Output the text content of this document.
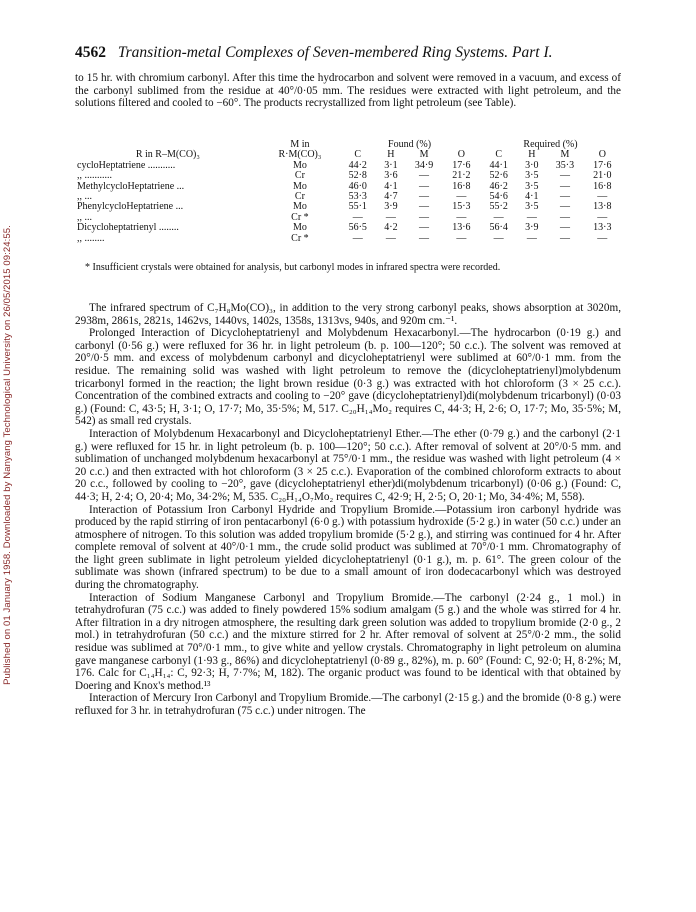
Published on 01 January 1958. Downloaded by Nanyang Technological University on 26/05/2015 09:24:55.
4562 Transition-metal Complexes of Seven-membered Ring Systems. Part I.

to 15 hr. with chromium carbonyl. After this time the hydrocarbon and solvent were removed in a vacuum, and excess of the carbonyl sublimed from the residue at 40°/0·05 mm. The residues were extracted with light petroleum, and the solutions filtered and cooled to −60°. The products recrystallized from light petroleum (see Table).

	M in	Found (%)				Required (%)			
R in R–M(CO)₃	R·M(CO)₃	C	H	M	O	C	H	M	O
cycloHeptatriene ...........	Mo	44·2	3·1	34·9	17·6	44·1	3·0	35·3	17·6
,, ...........	Cr	52·8	3·6	—	21·2	52·6	3·5	—	21·0
MethylcycloHeptatriene ...	Mo	46·0	4·1	—	16·8	46·2	3·5	—	16·8
,, ...	Cr	53·3	4·7	—	—	54·6	4·1	—	—
PhenylcycloHeptatriene ...	Mo	55·1	3·9	—	15·3	55·2	3·5	—	13·8
,, ...	Cr *	—	—	—	—	—	—	—	—
Dicycloheptatrienyl ........	Mo	56·5	4·2	—	13·6	56·4	3·9	—	13·3
,, ........	Cr *	—	—	—	—	—	—	—	—

* Insufficient crystals were obtained for analysis, but carbonyl modes in infrared spectra were recorded.

The infrared spectrum of C₇H₈Mo(CO)₃, in addition to the very strong carbonyl peaks, shows absorption at 3020m, 2938m, 2861s, 2821s, 1462vs, 1440vs, 1402s, 1358s, 1313vs, 940s, and 920m cm.⁻¹.

Prolonged Interaction of Dicycloheptatrienyl and Molybdenum Hexacarbonyl.—The hydrocarbon (0·19 g.) and carbonyl (0·56 g.) were refluxed for 36 hr. in light petroleum (b. p. 100—120°; 50 c.c.). The solvent was removed at 20°/0·5 mm. and excess of molybdenum carbonyl and dicycloheptatrienyl were sublimed at 60°/0·1 mm. from the residue. The remaining solid was washed with light petroleum to remove the (dicycloheptatrienyl)molybdenum tricarbonyl formed in the reaction; the light brown residue (0·3 g.) was extracted with hot chloroform (3 × 25 c.c.). Concentration of the combined extracts and cooling to −20° gave (dicycloheptatrienyl)di(molybdenum tricarbonyl) (0·03 g.) (Found: C, 43·5; H, 3·1; O, 17·7; Mo, 35·5%; M, 517. C₂₀H₁₄Mo₂ requires C, 44·3; H, 2·6; O, 17·7; Mo, 35·5%; M, 542) as small red crystals.

Interaction of Molybdenum Hexacarbonyl and Dicycloheptatrienyl Ether.—The ether (0·79 g.) and the carbonyl (2·1 g.) were refluxed for 15 hr. in light petroleum (b. p. 100—120°; 50 c.c.). After removal of solvent at 20°/0·5 mm. and sublimation of unchanged molybdenum hexacarbonyl at 75°/0·1 mm., the residue was washed with light petroleum (4 × 20 c.c.) and then extracted with hot chloroform (3 × 25 c.c.). Evaporation of the combined chloroform extracts to about 20 c.c., followed by cooling to −20°, gave (dicycloheptatrienyl ether)di(molybdenum tricarbonyl) (0·06 g.) (Found: C, 44·3; H, 2·4; O, 20·4; Mo, 34·2%; M, 535. C₂₀H₁₄O₇Mo₂ requires C, 42·9; H, 2·5; O, 20·1; Mo, 34·4%; M, 558).

Interaction of Potassium Iron Carbonyl Hydride and Tropylium Bromide.—Potassium iron carbonyl hydride was produced by the rapid stirring of iron pentacarbonyl (6·0 g.) with potassium hydroxide (5·2 g.) in water (50 c.c.) under an atmosphere of nitrogen. To this solution was added tropylium bromide (5·2 g.), and stirring was continued for 4 hr. After complete removal of solvent at 40°/0·1 mm., the crude solid product was sublimed at 70°/0·1 mm. Chromatography of the light green sublimate in light petroleum yielded dicycloheptatrienyl (0·1 g.), m. p. 61°. The green colour of the sublimate was shown (infrared spectrum) to be due to a small amount of iron dodecacarbonyl which was destroyed during the chromatography.

Interaction of Sodium Manganese Carbonyl and Tropylium Bromide.—The carbonyl (2·24 g., 1 mol.) in tetrahydrofuran (75 c.c.) was added to finely powdered 15% sodium amalgam (5 g.) and the whole was stirred for 4 hr. After filtration in a dry nitrogen atmosphere, the resulting dark green solution was added to tropylium bromide (2·0 g., 2 mol.) in tetrahydrofuran (50 c.c.) and the mixture stirred for 2 hr. After removal of solvent at 25°/0·2 mm., the solid residue was sublimed at 70°/0·1 mm., to give white and yellow crystals. Chromatography in light petroleum on alumina gave manganese carbonyl (1·93 g., 86%) and dicycloheptatrienyl (0·89 g., 82%), m. p. 60° (Found: C, 92·0; H, 8·2%; M, 176. Calc for C₁₄H₁₄: C, 92·3; H, 7·7%; M, 182). The organic product was found to be identical with that obtained by Doering and Knox's method.¹³

Interaction of Mercury Iron Carbonyl and Tropylium Bromide.—The carbonyl (2·15 g.) and the bromide (0·8 g.) were refluxed for 3 hr. in tetrahydrofuran (75 c.c.) under nitrogen. The
